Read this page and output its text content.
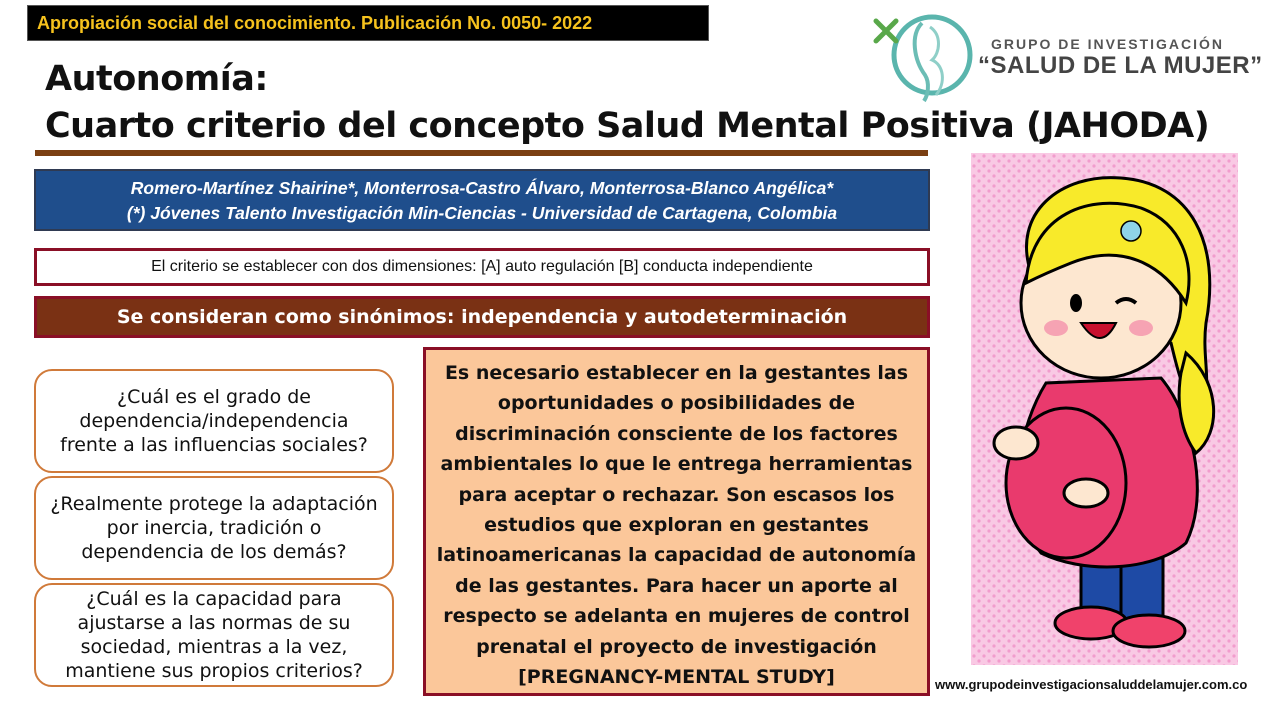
Apropiación social del conocimiento. Publicación No. 0050- 2022
Autonomía:
Cuarto criterio del concepto Salud Mental Positiva (JAHODA)
GRUPO DE INVESTIGACIÓN
“SALUD DE LA MUJER”
Romero-Martínez Shairine*, Monterrosa-Castro Álvaro, Monterrosa-Blanco Angélica*
(*) Jóvenes Talento Investigación Min-Ciencias - Universidad de Cartagena, Colombia
El criterio se establecer con dos dimensiones: [A] auto regulación [B] conducta independiente
Se consideran como sinónimos: independencia y autodeterminación
¿Cuál es el grado de dependencia/independencia frente a las influencias sociales?
¿Realmente protege la adaptación por inercia, tradición o dependencia de los demás?
¿Cuál es la capacidad para ajustarse a las normas de su sociedad, mientras a la vez, mantiene sus propios criterios?
Es necesario establecer en la gestantes las oportunidades o posibilidades de discriminación consciente de los factores ambientales lo que le entrega herramientas para aceptar o rechazar. Son escasos los estudios que exploran en gestantes latinoamericanas la capacidad de autonomía de las gestantes. Para hacer un aporte al respecto se adelanta en mujeres de control prenatal el proyecto de investigación [PREGNANCY-MENTAL STUDY]	www.grupodeinvestigacionsaluddelamujer.com.co
